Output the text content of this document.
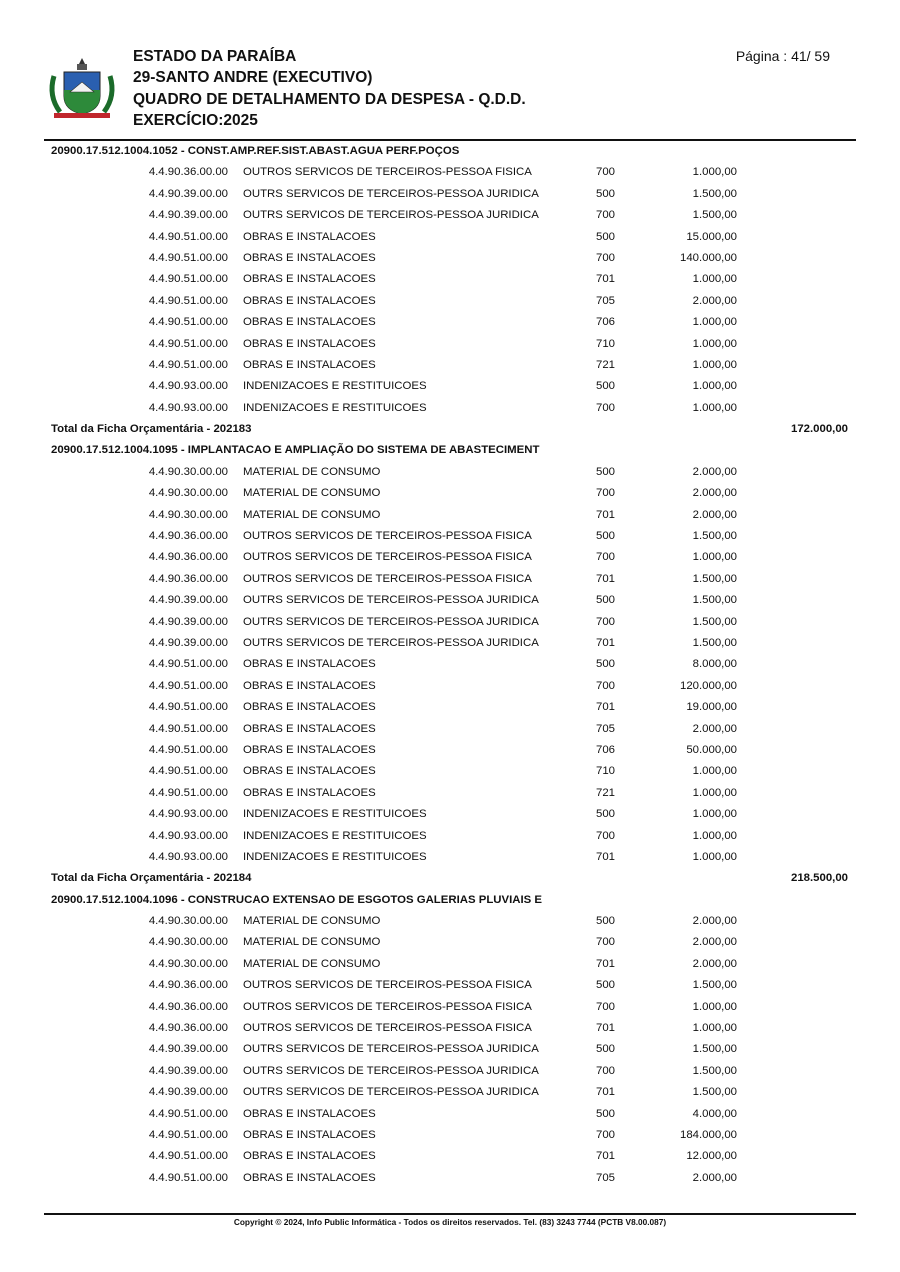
ESTADO DA PARAÍBA
29-SANTO ANDRE (EXECUTIVO)
QUADRO DE DETALHAMENTO DA DESPESA - Q.D.D.
EXERCÍCIO:2025
Página : 41/ 59
20900.17.512.1004.1052 - CONST.AMP.REF.SIST.ABAST.AGUA PERF.POÇOS
4.4.90.36.00.00 OUTROS SERVICOS DE TERCEIROS-PESSOA FISICA	700	1.000,00
4.4.90.39.00.00 OUTRS SERVICOS DE TERCEIROS-PESSOA JURIDICA	500	1.500,00
4.4.90.39.00.00 OUTRS SERVICOS DE TERCEIROS-PESSOA JURIDICA	700	1.500,00
4.4.90.51.00.00 OBRAS E INSTALACOES	500	15.000,00
4.4.90.51.00.00 OBRAS E INSTALACOES	700	140.000,00
4.4.90.51.00.00 OBRAS E INSTALACOES	701	1.000,00
4.4.90.51.00.00 OBRAS E INSTALACOES	705	2.000,00
4.4.90.51.00.00 OBRAS E INSTALACOES	706	1.000,00
4.4.90.51.00.00 OBRAS E INSTALACOES	710	1.000,00
4.4.90.51.00.00 OBRAS E INSTALACOES	721	1.000,00
4.4.90.93.00.00 INDENIZACOES E RESTITUICOES	500	1.000,00
4.4.90.93.00.00 INDENIZACOES E RESTITUICOES	700	1.000,00
Total da Ficha Orçamentária - 202183	172.000,00
20900.17.512.1004.1095 - IMPLANTACAO E AMPLIAÇÃO DO SISTEMA DE ABASTECIMENT
4.4.90.30.00.00 MATERIAL DE CONSUMO	500	2.000,00
4.4.90.30.00.00 MATERIAL DE CONSUMO	700	2.000,00
4.4.90.30.00.00 MATERIAL DE CONSUMO	701	2.000,00
4.4.90.36.00.00 OUTROS SERVICOS DE TERCEIROS-PESSOA FISICA	500	1.500,00
4.4.90.36.00.00 OUTROS SERVICOS DE TERCEIROS-PESSOA FISICA	700	1.000,00
4.4.90.36.00.00 OUTROS SERVICOS DE TERCEIROS-PESSOA FISICA	701	1.500,00
4.4.90.39.00.00 OUTRS SERVICOS DE TERCEIROS-PESSOA JURIDICA	500	1.500,00
4.4.90.39.00.00 OUTRS SERVICOS DE TERCEIROS-PESSOA JURIDICA	700	1.500,00
4.4.90.39.00.00 OUTRS SERVICOS DE TERCEIROS-PESSOA JURIDICA	701	1.500,00
4.4.90.51.00.00 OBRAS E INSTALACOES	500	8.000,00
4.4.90.51.00.00 OBRAS E INSTALACOES	700	120.000,00
4.4.90.51.00.00 OBRAS E INSTALACOES	701	19.000,00
4.4.90.51.00.00 OBRAS E INSTALACOES	705	2.000,00
4.4.90.51.00.00 OBRAS E INSTALACOES	706	50.000,00
4.4.90.51.00.00 OBRAS E INSTALACOES	710	1.000,00
4.4.90.51.00.00 OBRAS E INSTALACOES	721	1.000,00
4.4.90.93.00.00 INDENIZACOES E RESTITUICOES	500	1.000,00
4.4.90.93.00.00 INDENIZACOES E RESTITUICOES	700	1.000,00
4.4.90.93.00.00 INDENIZACOES E RESTITUICOES	701	1.000,00
Total da Ficha Orçamentária - 202184	218.500,00
20900.17.512.1004.1096 - CONSTRUCAO EXTENSAO DE ESGOTOS GALERIAS PLUVIAIS E
4.4.90.30.00.00 MATERIAL DE CONSUMO	500	2.000,00
4.4.90.30.00.00 MATERIAL DE CONSUMO	700	2.000,00
4.4.90.30.00.00 MATERIAL DE CONSUMO	701	2.000,00
4.4.90.36.00.00 OUTROS SERVICOS DE TERCEIROS-PESSOA FISICA	500	1.500,00
4.4.90.36.00.00 OUTROS SERVICOS DE TERCEIROS-PESSOA FISICA	700	1.000,00
4.4.90.36.00.00 OUTROS SERVICOS DE TERCEIROS-PESSOA FISICA	701	1.000,00
4.4.90.39.00.00 OUTRS SERVICOS DE TERCEIROS-PESSOA JURIDICA	500	1.500,00
4.4.90.39.00.00 OUTRS SERVICOS DE TERCEIROS-PESSOA JURIDICA	700	1.500,00
4.4.90.39.00.00 OUTRS SERVICOS DE TERCEIROS-PESSOA JURIDICA	701	1.500,00
4.4.90.51.00.00 OBRAS E INSTALACOES	500	4.000,00
4.4.90.51.00.00 OBRAS E INSTALACOES	700	184.000,00
4.4.90.51.00.00 OBRAS E INSTALACOES	701	12.000,00
4.4.90.51.00.00 OBRAS E INSTALACOES	705	2.000,00
Copyright © 2024, Info Public Informática - Todos os direitos reservados. Tel. (83) 3243 7744 (PCTB V8.00.087)
